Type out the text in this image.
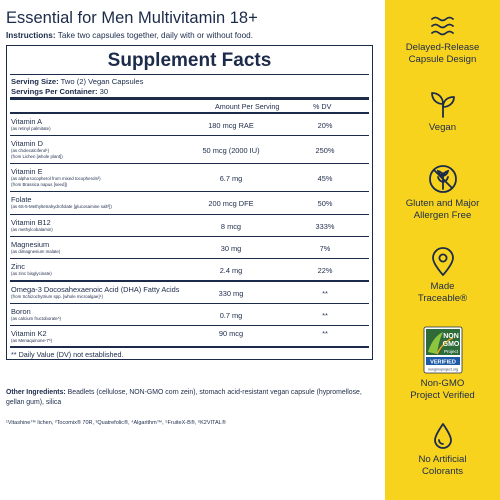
Essential for Men Multivitamin 18+
Instructions: Take two capsules together, daily with or without food.
Supplement Facts
Serving Size: Two (2) Vegan Capsules
Servings Per Container: 30
Amount Per Serving	% DV
Vitamin A
(as retinyl palmitate)	180 mcg RAE	20%
Vitamin D
(as cholecalciferol¹)
(from Lichen [whole plant])
50 mcg (2000 IU)	250%
Vitamin E
(as alpha tocopherol from mixed tocopherols²)
(from Brassica napus [seed])
6.7 mg	45%
Folate
(as 6S-5-Methyltetrahydrofolate [glucosamine salt³])	200 mcg DFE	50%
Vitamin B12
(as methylcobalamin)	8 mcg	333%
Magnesium
(as dimagnesium malate)	30 mg	7%
Zinc
(as zinc bisglycinate)	2.4 mg	22%
Omega-3 Docosahexaenoic Acid (DHA) Fatty Acids
(from Schizochytrium spp. [whole microalgae]⁴)	330 mg	**
Boron
(as calcium fructoborate⁵)	0.7 mg	**
Vitamin K2	90 mcg	**
(as Menaquinone-7⁶)
** Daily Value (DV) not established.
Other Ingredients: Beadlets (cellulose, NON-GMO corn zein), stomach acid-resistant vegan capsule (hypromellose, gellan gum), silica
¹Vitashine™ lichen, ²Tocomix® 70R, ³Quatrefolic®, ⁴Algarithm™, ⁵FruiteX-B®, ⁶K2VITAL®
Delayed-Release
Capsule Design
Vegan
Gluten and Major
Allergen Free
Made
Traceable®
NON
GMO
Project
VERIFIED
nongmoproject.org
Non-GMO
Project Verified
No Artificial
Colorants
